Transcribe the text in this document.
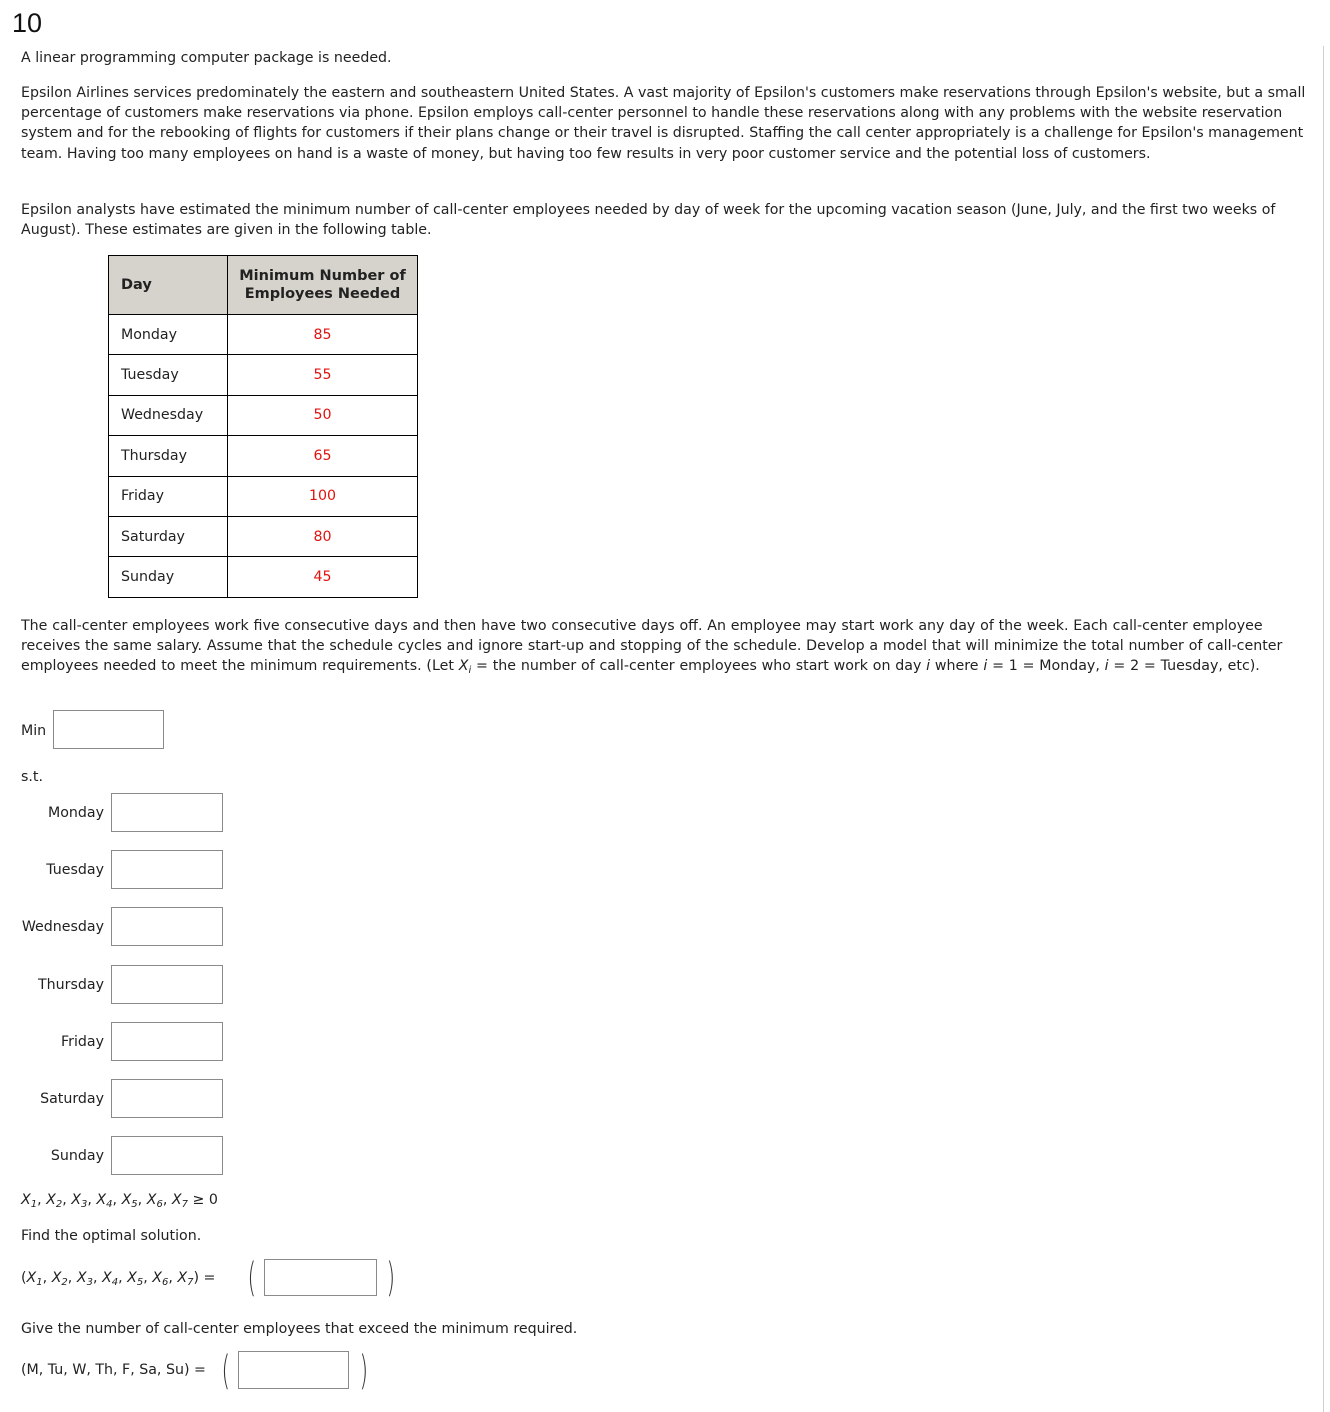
10

A linear programming computer package is needed.

Epsilon Airlines services predominately the eastern and southeastern United States. A vast majority of Epsilon's customers make reservations through Epsilon's website, but a small percentage of customers make reservations via phone. Epsilon employs call-center personnel to handle these reservations along with any problems with the website reservation system and for the rebooking of flights for customers if their plans change or their travel is disrupted. Staffing the call center appropriately is a challenge for Epsilon's management team. Having too many employees on hand is a waste of money, but having too few results in very poor customer service and the potential loss of customers.

Epsilon analysts have estimated the minimum number of call-center employees needed by day of week for the upcoming vacation season (June, July, and the first two weeks of August). These estimates are given in the following table.

The call-center employees work five consecutive days and then have two consecutive days off. An employee may start work any day of the week. Each call-center employee receives the same salary. Assume that the schedule cycles and ignore start-up and stopping of the schedule. Develop a model that will minimize the total number of call-center employees needed to meet the minimum requirements. (Let $X_i$ = the number of call-center employees who start work on day i where i = 1 = Monday, i = 2 = Tuesday, etc).

Day	Minimum Number of
Employees Needed
Monday	85
Tuesday	55
Wednesday	50
Thursday	65
Friday	100
Saturday	80
Sunday	45
Min
s.t.
Monday
Tuesday
Wednesday
Thursday
Friday
Saturday
Sunday
$X_1$, $X_2$, $X_3$, $X_4$, $X_5$, $X_6$, $X_7 \ge 0$
Find the optimal solution.
($X_1$, $X_2$, $X_3$, $X_4$, $X_5$, $X_6$, $X_7$) = (	)
Give the number of call-center employees that exceed the minimum required.
(M, Tu, W, Th, F, Sa, Su) = (	)
